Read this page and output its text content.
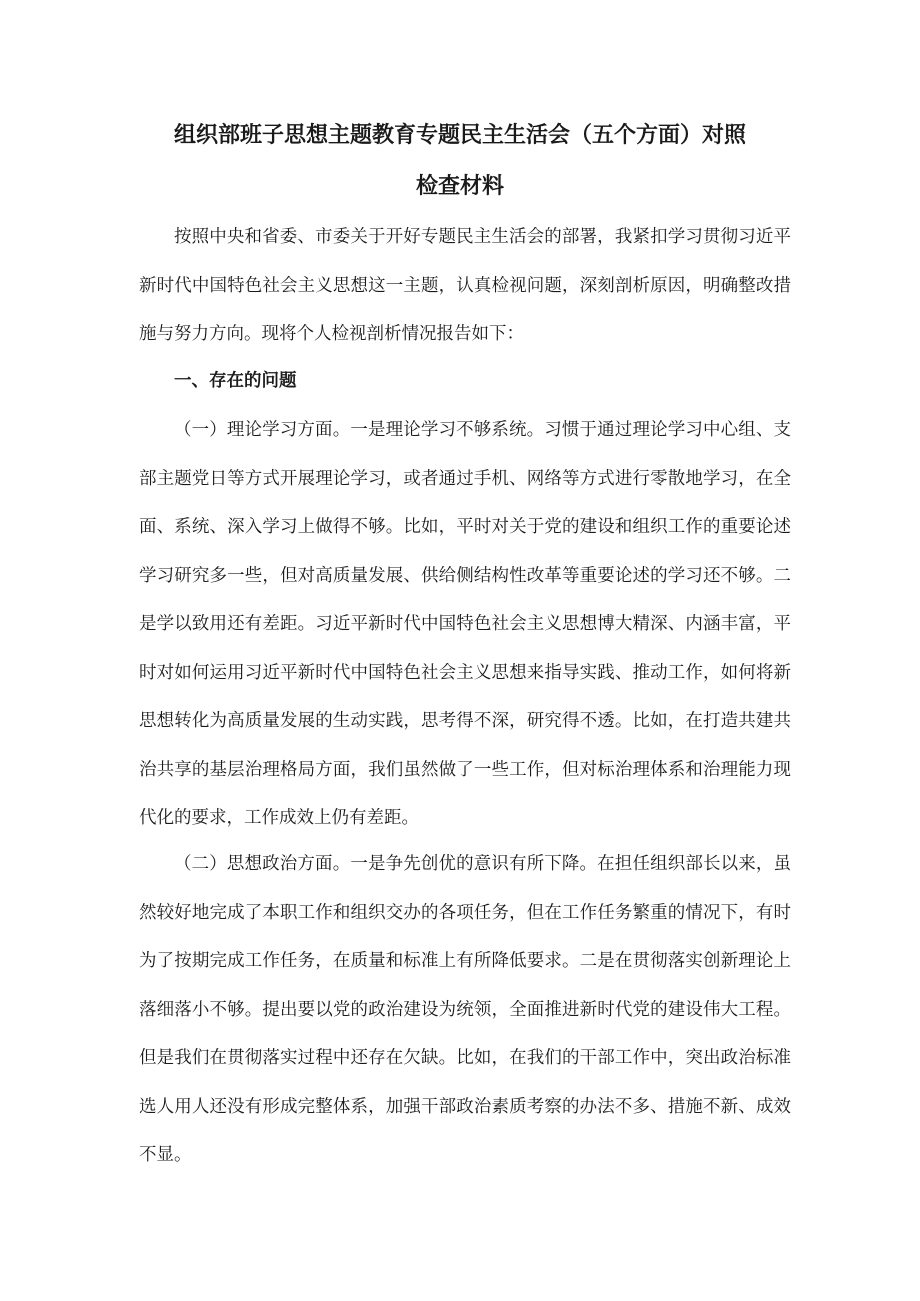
组织部班子思想主题教育专题民主生活会（五个方面）对照
检查材料

按照中央和省委、市委关于开好专题民主生活会的部署，我紧扣学习贯彻习近平新时代中国特色社会主义思想这一主题，认真检视问题，深刻剖析原因，明确整改措施与努力方向。现将个人检视剖析情况报告如下：

一、存在的问题

（一）理论学习方面。一是理论学习不够系统。习惯于通过理论学习中心组、支部主题党日等方式开展理论学习，或者通过手机、网络等方式进行零散地学习，在全面、系统、深入学习上做得不够。比如，平时对关于党的建设和组织工作的重要论述学习研究多一些，但对高质量发展、供给侧结构性改革等重要论述的学习还不够。二是学以致用还有差距。习近平新时代中国特色社会主义思想博大精深、内涵丰富，平时对如何运用习近平新时代中国特色社会主义思想来指导实践、推动工作，如何将新思想转化为高质量发展的生动实践，思考得不深，研究得不透。比如，在打造共建共治共享的基层治理格局方面，我们虽然做了一些工作，但对标治理体系和治理能力现代化的要求，工作成效上仍有差距。

（二）思想政治方面。一是争先创优的意识有所下降。在担任组织部长以来，虽然较好地完成了本职工作和组织交办的各项任务，但在工作任务繁重的情况下，有时为了按期完成工作任务，在质量和标准上有所降低要求。二是在贯彻落实创新理论上落细落小不够。提出要以党的政治建设为统领，全面推进新时代党的建设伟大工程。但是我们在贯彻落实过程中还存在欠缺。比如，在我们的干部工作中，突出政治标准选人用人还没有形成完整体系，加强干部政治素质考察的办法不多、措施不新、成效不显。
